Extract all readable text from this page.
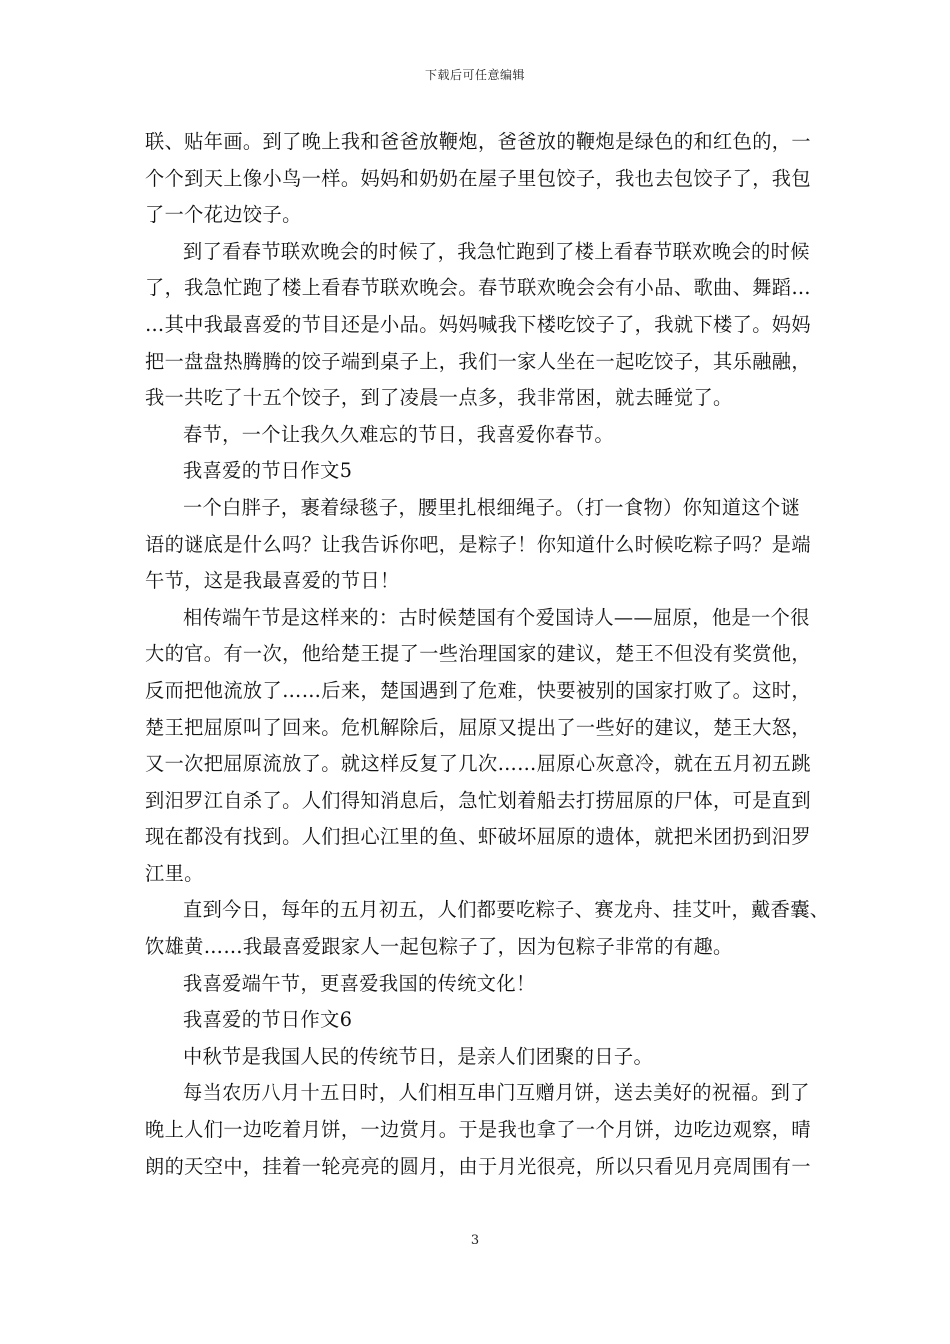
下载后可任意编辑
联、贴年画。到了晚上我和爸爸放鞭炮，爸爸放的鞭炮是绿色的和红色的，一
个个到天上像小鸟一样。妈妈和奶奶在屋子里包饺子，我也去包饺子了，我包
了一个花边饺子。
到了看春节联欢晚会的时候了，我急忙跑到了楼上看春节联欢晚会的时候
了，我急忙跑了楼上看春节联欢晚会。春节联欢晚会会有小品、歌曲、舞蹈…
…其中我最喜爱的节目还是小品。妈妈喊我下楼吃饺子了，我就下楼了。妈妈
把一盘盘热腾腾的饺子端到桌子上，我们一家人坐在一起吃饺子，其乐融融，
我一共吃了十五个饺子，到了凌晨一点多，我非常困，就去睡觉了。
春节，一个让我久久难忘的节日，我喜爱你春节。
我喜爱的节日作文5
一个白胖子，裹着绿毯子，腰里扎根细绳子。（打一食物）你知道这个谜
语的谜底是什么吗？让我告诉你吧，是粽子！你知道什么时候吃粽子吗？是端
午节，这是我最喜爱的节日！
相传端午节是这样来的：古时候楚国有个爱国诗人——屈原，他是一个很
大的官。有一次，他给楚王提了一些治理国家的建议，楚王不但没有奖赏他，
反而把他流放了……后来，楚国遇到了危难，快要被别的国家打败了。这时，
楚王把屈原叫了回来。危机解除后，屈原又提出了一些好的建议，楚王大怒，
又一次把屈原流放了。就这样反复了几次……屈原心灰意冷，就在五月初五跳
到汨罗江自杀了。人们得知消息后，急忙划着船去打捞屈原的尸体，可是直到
现在都没有找到。人们担心江里的鱼、虾破坏屈原的遗体，就把米团扔到汨罗
江里。
直到今日，每年的五月初五，人们都要吃粽子、赛龙舟、挂艾叶，戴香囊、
饮雄黄……我最喜爱跟家人一起包粽子了，因为包粽子非常的有趣。
我喜爱端午节，更喜爱我国的传统文化！
我喜爱的节日作文6
中秋节是我国人民的传统节日，是亲人们团聚的日子。
每当农历八月十五日时，人们相互串门互赠月饼，送去美好的祝福。到了
晚上人们一边吃着月饼，一边赏月。于是我也拿了一个月饼，边吃边观察，晴
朗的天空中，挂着一轮亮亮的圆月，由于月光很亮，所以只看见月亮周围有一
3
